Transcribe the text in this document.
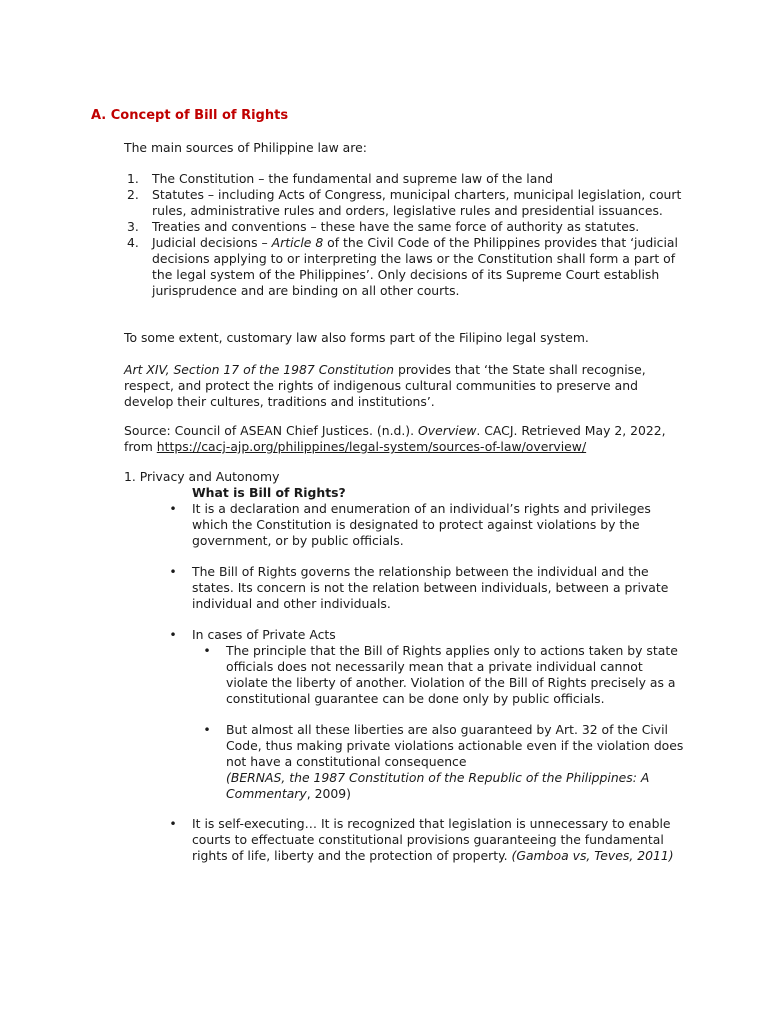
A. Concept of Bill of Rights

The main sources of Philippine law are:

1. The Constitution – the fundamental and supreme law of the land
2. Statutes – including Acts of Congress, municipal charters, municipal legislation, court rules, administrative rules and orders, legislative rules and presidential issuances.
3. Treaties and conventions – these have the same force of authority as statutes.
4. Judicial decisions – Article 8 of the Civil Code of the Philippines provides that ‘judicial decisions applying to or interpreting the laws or the Constitution shall form a part of the legal system of the Philippines’. Only decisions of its Supreme Court establish jurisprudence and are binding on all other courts.

To some extent, customary law also forms part of the Filipino legal system.

Art XIV, Section 17 of the 1987 Constitution provides that ‘the State shall recognise, respect, and protect the rights of indigenous cultural communities to preserve and develop their cultures, traditions and institutions’.

Source: Council of ASEAN Chief Justices. (n.d.). Overview. CACJ. Retrieved May 2, 2022, from https://cacj-ajp.org/philippines/legal-system/sources-of-law/overview/

1. Privacy and Autonomy
What is Bill of Rights?
• It is a declaration and enumeration of an individual’s rights and privileges which the Constitution is designated to protect against violations by the government, or by public officials.
• The Bill of Rights governs the relationship between the individual and the states. Its concern is not the relation between individuals, between a private individual and other individuals.
• In cases of Private Acts
• The principle that the Bill of Rights applies only to actions taken by state officials does not necessarily mean that a private individual cannot violate the liberty of another. Violation of the Bill of Rights precisely as a constitutional guarantee can be done only by public officials.
• But almost all these liberties are also guaranteed by Art. 32 of the Civil Code, thus making private violations actionable even if the violation does not have a constitutional consequence
(BERNAS, the 1987 Constitution of the Republic of the Philippines: A Commentary, 2009)
• It is self-executing… It is recognized that legislation is unnecessary to enable courts to effectuate constitutional provisions guaranteeing the fundamental rights of life, liberty and the protection of property. (Gamboa vs, Teves, 2011)
